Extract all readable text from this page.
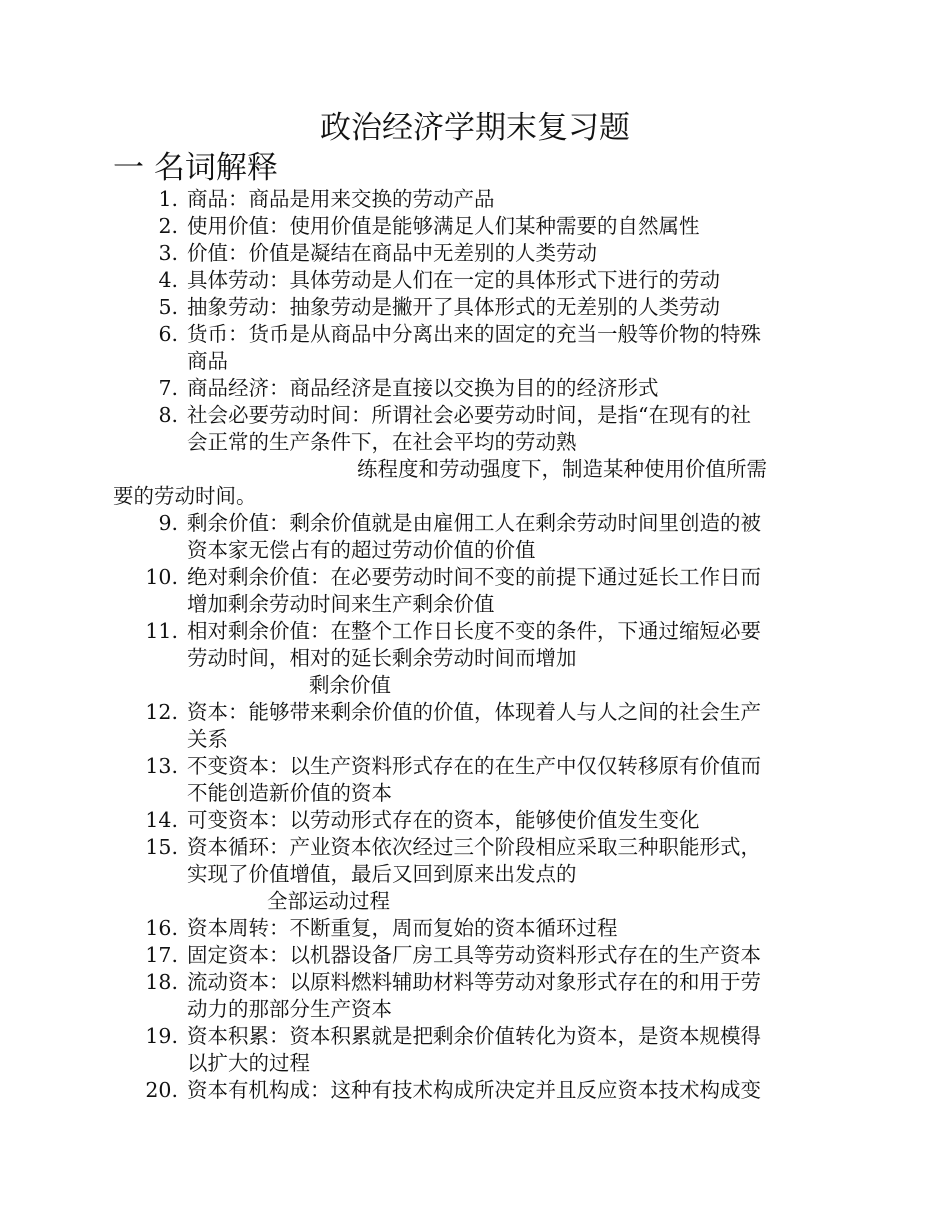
政治经济学期末复习题
一 名词解释
1. 商品：商品是用来交换的劳动产品
2. 使用价值：使用价值是能够满足人们某种需要的自然属性
3. 价值：价值是凝结在商品中无差别的人类劳动
4. 具体劳动：具体劳动是人们在一定的具体形式下进行的劳动
5. 抽象劳动：抽象劳动是撇开了具体形式的无差别的人类劳动
6. 货币：货币是从商品中分离出来的固定的充当一般等价物的特殊
商品
7. 商品经济：商品经济是直接以交换为目的的经济形式
8. 社会必要劳动时间：所谓社会必要劳动时间，是指“在现有的社
会正常的生产条件下，在社会平均的劳动熟
练程度和劳动强度下，制造某种使用价值所需
要的劳动时间。
9. 剩余价值：剩余价值就是由雇佣工人在剩余劳动时间里创造的被
资本家无偿占有的超过劳动价值的价值
10. 绝对剩余价值：在必要劳动时间不变的前提下通过延长工作日而
增加剩余劳动时间来生产剩余价值
11. 相对剩余价值：在整个工作日长度不变的条件，下通过缩短必要
劳动时间，相对的延长剩余劳动时间而增加
剩余价值
12. 资本：能够带来剩余价值的价值，体现着人与人之间的社会生产
关系
13. 不变资本：以生产资料形式存在的在生产中仅仅转移原有价值而
不能创造新价值的资本
14. 可变资本：以劳动形式存在的资本，能够使价值发生变化
15. 资本循环：产业资本依次经过三个阶段相应采取三种职能形式，
实现了价值增值，最后又回到原来出发点的
全部运动过程
16. 资本周转：不断重复，周而复始的资本循环过程
17. 固定资本：以机器设备厂房工具等劳动资料形式存在的生产资本
18. 流动资本：以原料燃料辅助材料等劳动对象形式存在的和用于劳
动力的那部分生产资本
19. 资本积累：资本积累就是把剩余价值转化为资本，是资本规模得
以扩大的过程
20. 资本有机构成：这种有技术构成所决定并且反应资本技术构成变
